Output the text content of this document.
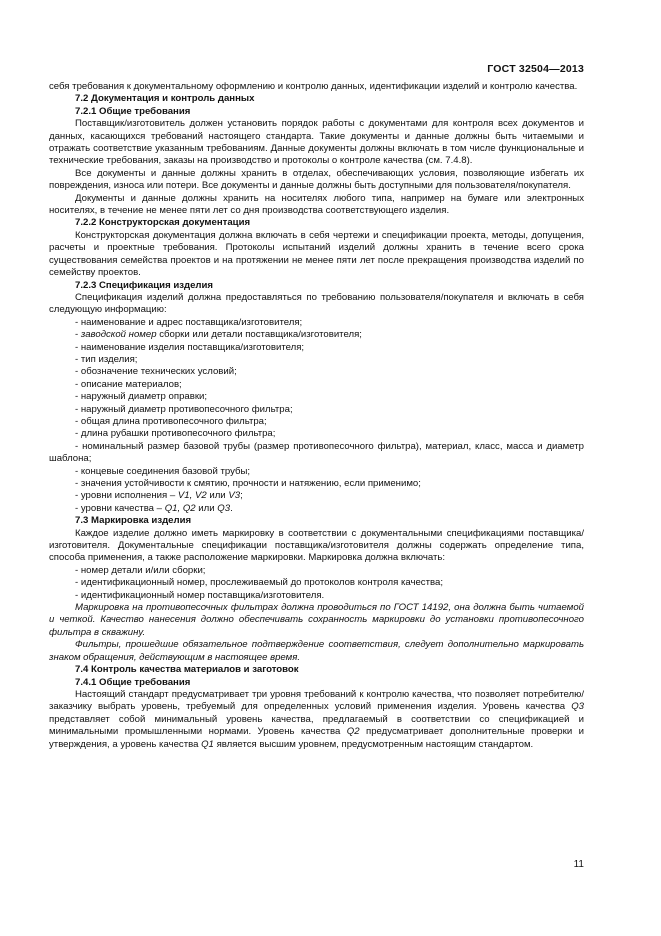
ГОСТ 32504—2013

себя требования к документальному оформлению и контролю данных, идентификации изделий и контролю качества.

7.2 Документация и контроль данных

7.2.1 Общие требования

Поставщик/изготовитель должен установить порядок работы с документами для контроля всех документов и данных, касающихся требований настоящего стандарта. Такие документы и данные должны быть читаемыми и отражать соответствие указанным требованиям. Данные документы должны включать в том числе функциональные и технические требования, заказы на производство и протоколы о контроле качества (см. 7.4.8).

Все документы и данные должны хранить в отделах, обеспечивающих условия, позволяющие избегать их повреждения, износа или потери. Все документы и данные должны быть доступными для пользователя/покупателя.

Документы и данные должны хранить на носителях любого типа, например на бумаге или электронных носителях, в течение не менее пяти лет со дня производства соответствующего изделия.

7.2.2 Конструкторская документация

Конструкторская документация должна включать в себя чертежи и спецификации проекта, методы, допущения, расчеты и проектные требования. Протоколы испытаний изделий должны хранить в течение всего срока существования семейства проектов и на протяжении не менее пяти лет после прекращения производства изделий по семейству проектов.

7.2.3 Спецификация изделия

Спецификация изделий должна предоставляться по требованию пользователя/покупателя и включать в себя следующую информацию:

- наименование и адрес поставщика/изготовителя;

- заводской номер сборки или детали поставщика/изготовителя;

- наименование изделия поставщика/изготовителя;

- тип изделия;

- обозначение технических условий;

- описание материалов;

- наружный диаметр оправки;

- наружный диаметр противопесочного фильтра;

- общая длина противопесочного фильтра;

- длина рубашки противопесочного фильтра;

- номинальный размер базовой трубы (размер противопесочного фильтра), материал, класс, масса и диаметр шаблона;

- концевые соединения базовой трубы;

- значения устойчивости к смятию, прочности и натяжению, если применимо;

- уровни исполнения – V1, V2 или V3;

- уровни качества – Q1, Q2 или Q3.

7.3 Маркировка изделия

Каждое изделие должно иметь маркировку в соответствии с документальными спецификациями поставщика/изготовителя. Документальные спецификации поставщика/изготовителя должны содержать определение типа, способа применения, а также расположение маркировки. Маркировка должна включать:

- номер детали и/или сборки;

- идентификационный номер, прослеживаемый до протоколов контроля качества;

- идентификационный номер поставщика/изготовителя.

Маркировка на противопесочных фильтрах должна проводиться по ГОСТ 14192, она должна быть читаемой и четкой. Качество нанесения должно обеспечивать сохранность маркировки до установки противопесочного фильтра в скважину.

Фильтры, прошедшие обязательное подтверждение соответствия, следует дополнительно маркировать знаком обращения, действующим в настоящее время.

7.4 Контроль качества материалов и заготовок

7.4.1 Общие требования

Настоящий стандарт предусматривает три уровня требований к контролю качества, что позволяет потребителю/заказчику выбрать уровень, требуемый для определенных условий применения изделия. Уровень качества Q3 представляет собой минимальный уровень качества, предлагаемый в соответствии со спецификацией и минимальными промышленными нормами. Уровень качества Q2 предусматривает дополнительные проверки и утверждения, а уровень качества Q1 является высшим уровнем, предусмотренным настоящим стандартом.

11
